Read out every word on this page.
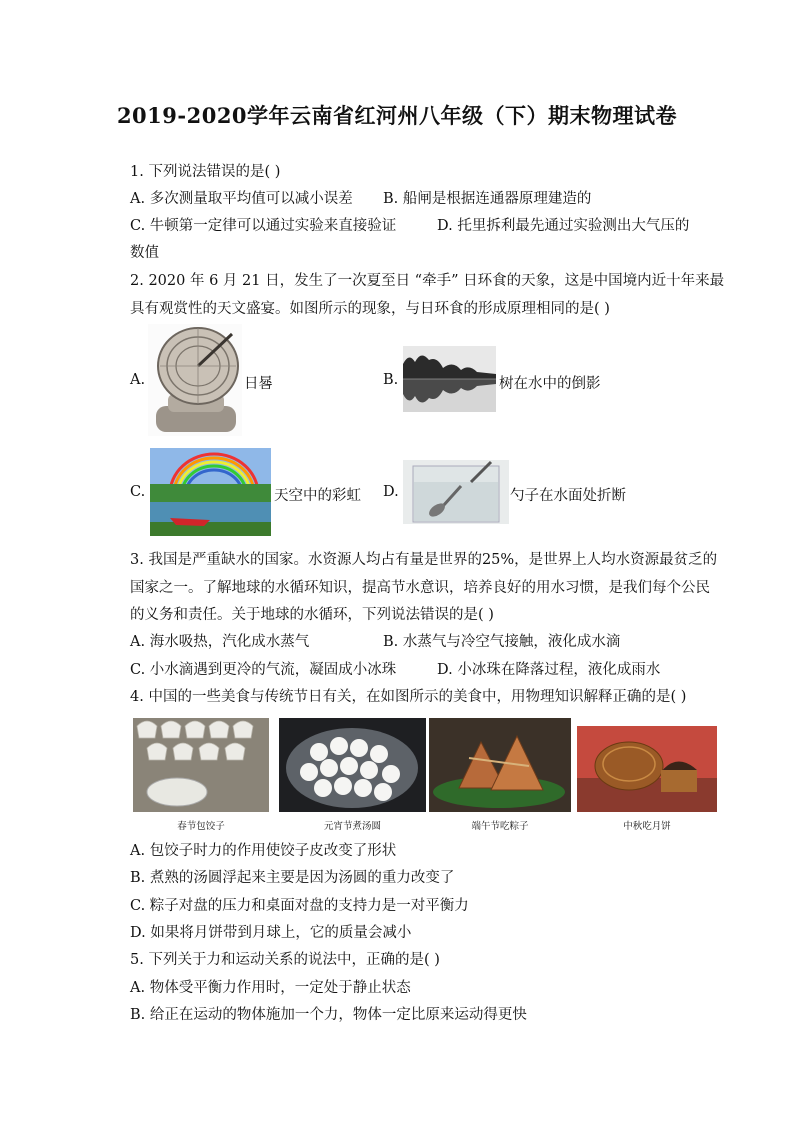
2019-2020学年云南省红河州八年级（下）期末物理试卷
1. 下列说法错误的是( )
A. 多次测量取平均值可以减小误差 B. 船闸是根据连通器原理建造的
C. 牛顿第一定律可以通过实验来直接验证	D. 托里拆利最先通过实验测出大气压的
数值
2. 2020 年 6 月 21 日，发生了一次夏至日 “牵手” 日环食的天象，这是中国境内近十年来最
具有观赏性的天文盛宴。如图所示的现象，与日环食的形成原理相同的是( )
A.	日晷	B.	树在水中的倒影
C.	天空中的彩虹 D.	勺子在水面处折断
3. 我国是严重缺水的国家。水资源人均占有量是世界的25%，是世界上人均水资源最贫乏的
国家之一。了解地球的水循环知识，提高节水意识，培养良好的用水习惯，是我们每个公民
的义务和责任。关于地球的水循环，下列说法错误的是( )
A. 海水吸热，汽化成水蒸气	B. 水蒸气与冷空气接触，液化成水滴
C. 小水滴遇到更冷的气流，凝固成小冰珠	D. 小冰珠在降落过程，液化成雨水
4. 中国的一些美食与传统节日有关，在如图所示的美食中，用物理知识解释正确的是( )
春节包饺子	元宵节煮汤圆	端午节吃粽子	中秋吃月饼
A. 包饺子时力的作用使饺子皮改变了形状
B. 煮熟的汤圆浮起来主要是因为汤圆的重力改变了
C. 粽子对盘的压力和桌面对盘的支持力是一对平衡力
D. 如果将月饼带到月球上，它的质量会减小
5. 下列关于力和运动关系的说法中，正确的是( )
A. 物体受平衡力作用时，一定处于静止状态
B. 给正在运动的物体施加一个力，物体一定比原来运动得更快
